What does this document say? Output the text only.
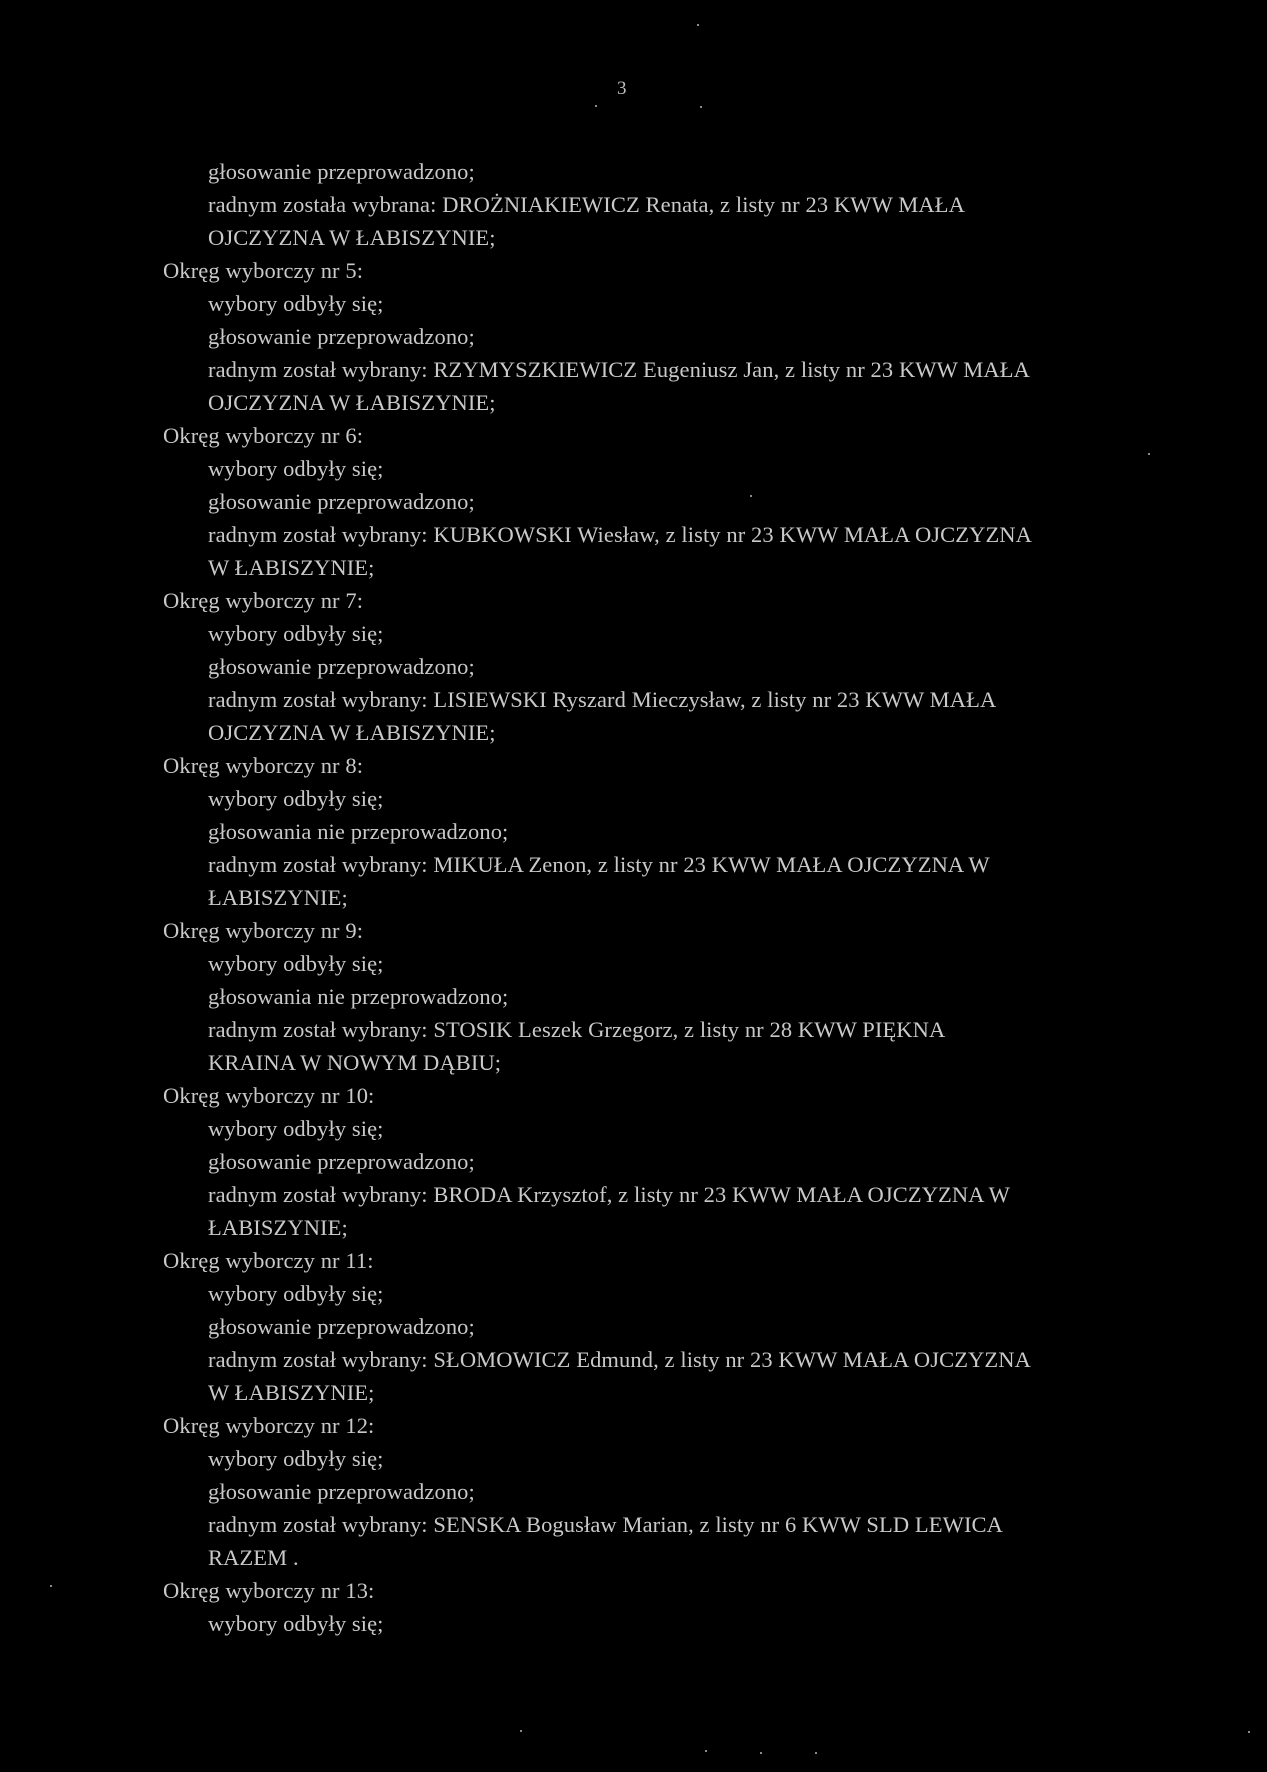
3
głosowanie przeprowadzono;
radnym została wybrana: DROŻNIAKIEWICZ Renata, z listy nr 23 KWW MAŁA
OJCZYZNA W ŁABISZYNIE;
Okręg wyborczy nr 5:
wybory odbyły się;
głosowanie przeprowadzono;
radnym został wybrany: RZYMYSZKIEWICZ Eugeniusz Jan, z listy nr 23 KWW MAŁA
OJCZYZNA W ŁABISZYNIE;
Okręg wyborczy nr 6:
wybory odbyły się;
głosowanie przeprowadzono;
radnym został wybrany: KUBKOWSKI Wiesław, z listy nr 23 KWW MAŁA OJCZYZNA
W ŁABISZYNIE;
Okręg wyborczy nr 7:
wybory odbyły się;
głosowanie przeprowadzono;
radnym został wybrany: LISIEWSKI Ryszard Mieczysław, z listy nr 23 KWW MAŁA
OJCZYZNA W ŁABISZYNIE;
Okręg wyborczy nr 8:
wybory odbyły się;
głosowania nie przeprowadzono;
radnym został wybrany: MIKUŁA Zenon, z listy nr 23 KWW MAŁA OJCZYZNA W
ŁABISZYNIE;
Okręg wyborczy nr 9:
wybory odbyły się;
głosowania nie przeprowadzono;
radnym został wybrany: STOSIK Leszek Grzegorz, z listy nr 28 KWW PIĘKNA
KRAINA W NOWYM DĄBIU;
Okręg wyborczy nr 10:
wybory odbyły się;
głosowanie przeprowadzono;
radnym został wybrany: BRODA Krzysztof, z listy nr 23 KWW MAŁA OJCZYZNA W
ŁABISZYNIE;
Okręg wyborczy nr 11:
wybory odbyły się;
głosowanie przeprowadzono;
radnym został wybrany: SŁOMOWICZ Edmund, z listy nr 23 KWW MAŁA OJCZYZNA
W ŁABISZYNIE;
Okręg wyborczy nr 12:
wybory odbyły się;
głosowanie przeprowadzono;
radnym został wybrany: SENSKA Bogusław Marian, z listy nr 6 KWW SLD LEWICA
RAZEM .
Okręg wyborczy nr 13:
wybory odbyły się;
